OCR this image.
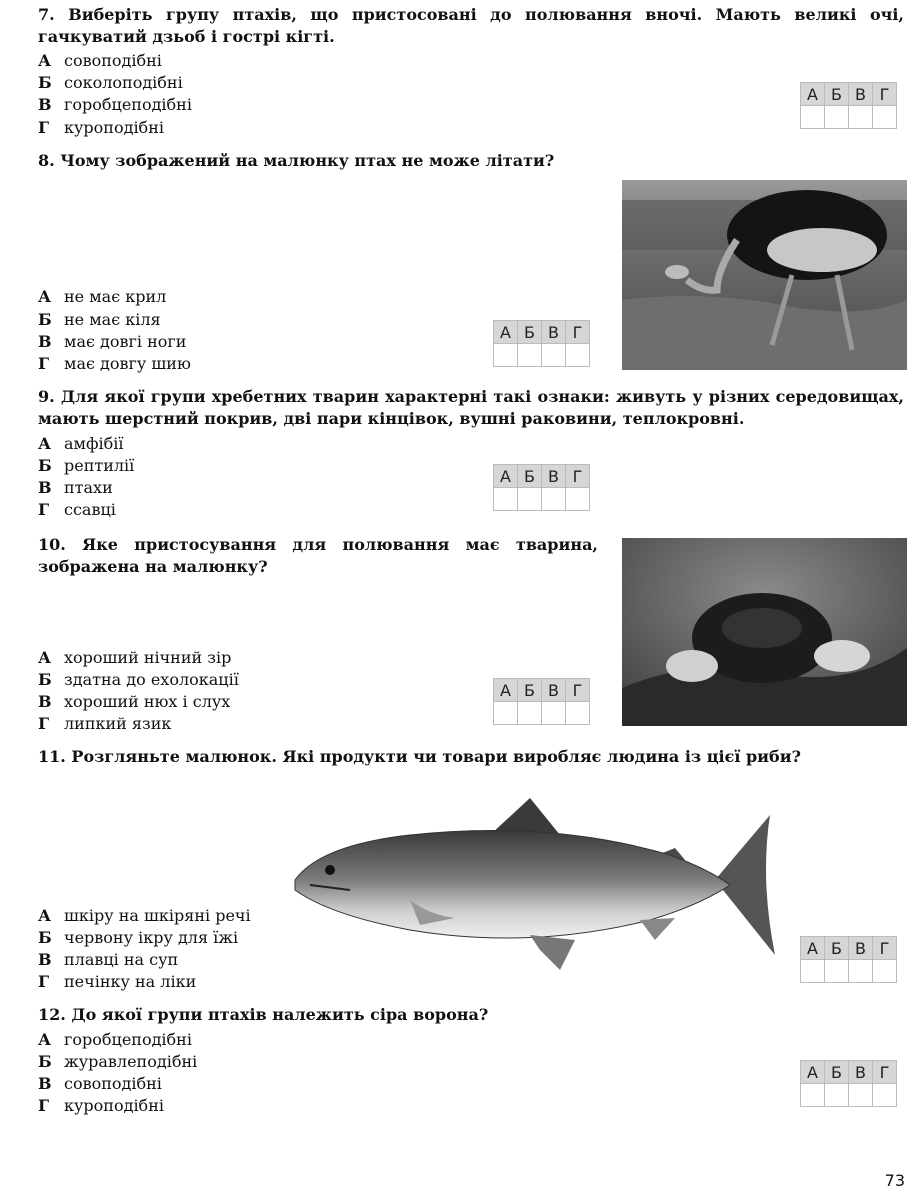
7. Виберіть групу птахів, що пристосовані до полювання вночі. Мають великі очі, гачкуватий дзьоб і гострі кігті.

А совоподібні

Б соколоподібні

В горобцеподібні

Г куроподібні

А	Б	В	Г

8. Чому зображений на малюнку птах не може літати?

А не має крил

Б не має кіля

В має довгі ноги

Г має довгу шию

А	Б	В	Г

9. Для якої групи хребетних тварин характерні такі ознаки: живуть у різних середовищах, мають шерстний покрив, дві пари кінцівок, вушні раковини, теплокровні.

А амфібії

Б рептилії

В птахи

Г ссавці

А	Б	В	Г

10. Яке пристосування для полювання має тварина, зображена на малюнку?

А хороший нічний зір

Б здатна до ехолокації

В хороший нюх і слух

Г липкий язик

А	Б	В	Г

11. Розгляньте малюнок. Які продукти чи товари виробляє людина із цієї риби?

А шкіру на шкіряні речі

Б червону ікру для їжі

В плавці на суп

Г печінку на ліки

А	Б	В	Г

12. До якої групи птахів належить сіра ворона?

А горобцеподібні

Б журавлеподібні

В совоподібні

Г куроподібні

А	Б	В	Г

73
